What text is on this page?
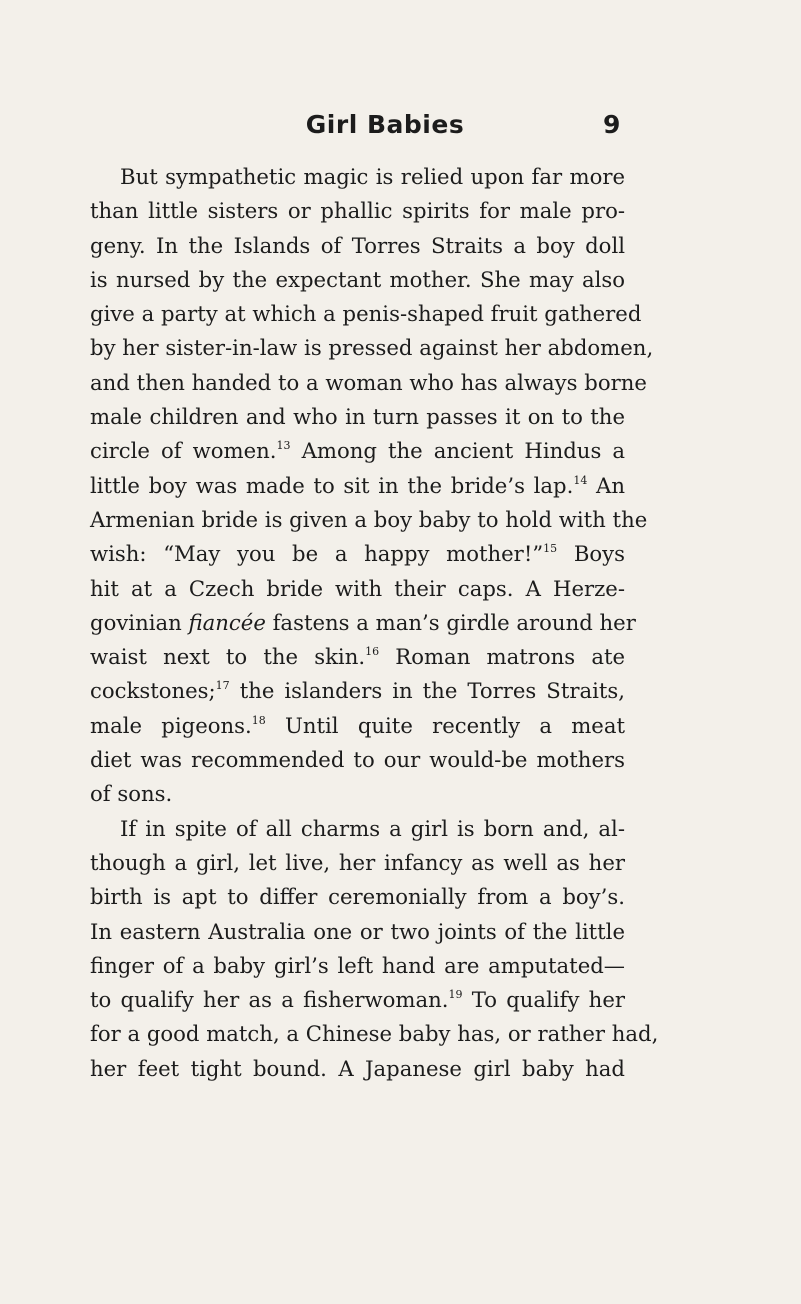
Girl Babies	9
But sympathetic magic is relied upon far more
than little sisters or phallic spirits for male pro-
geny. In the Islands of Torres Straits a boy doll
is nursed by the expectant mother. She may also
give a party at which a penis-shaped fruit gathered
by her sister-in-law is pressed against her abdomen,
and then handed to a woman who has always borne
male children and who in turn passes it on to the
circle of women.$^{13}$ Among the ancient Hindus a
little boy was made to sit in the bride’s lap.$^{14}$ An
Armenian bride is given a boy baby to hold with the
wish: “May you be a happy mother!”$^{15}$ Boys
hit at a Czech bride with their caps. A Herze-
govinian fiancée fastens a man’s girdle around her
waist next to the skin.$^{16}$ Roman matrons ate
cockstones;$^{17}$ the islanders in the Torres Straits,
male pigeons.$^{18}$ Until quite recently a meat
diet was recommended to our would-be mothers
of sons.
If in spite of all charms a girl is born and, al-
though a girl, let live, her infancy as well as her
birth is apt to differ ceremonially from a boy’s.
In eastern Australia one or two joints of the little
finger of a baby girl’s left hand are amputated—
to qualify her as a fisherwoman.$^{19}$ To qualify her
for a good match, a Chinese baby has, or rather had,
her feet tight bound. A Japanese girl baby had
